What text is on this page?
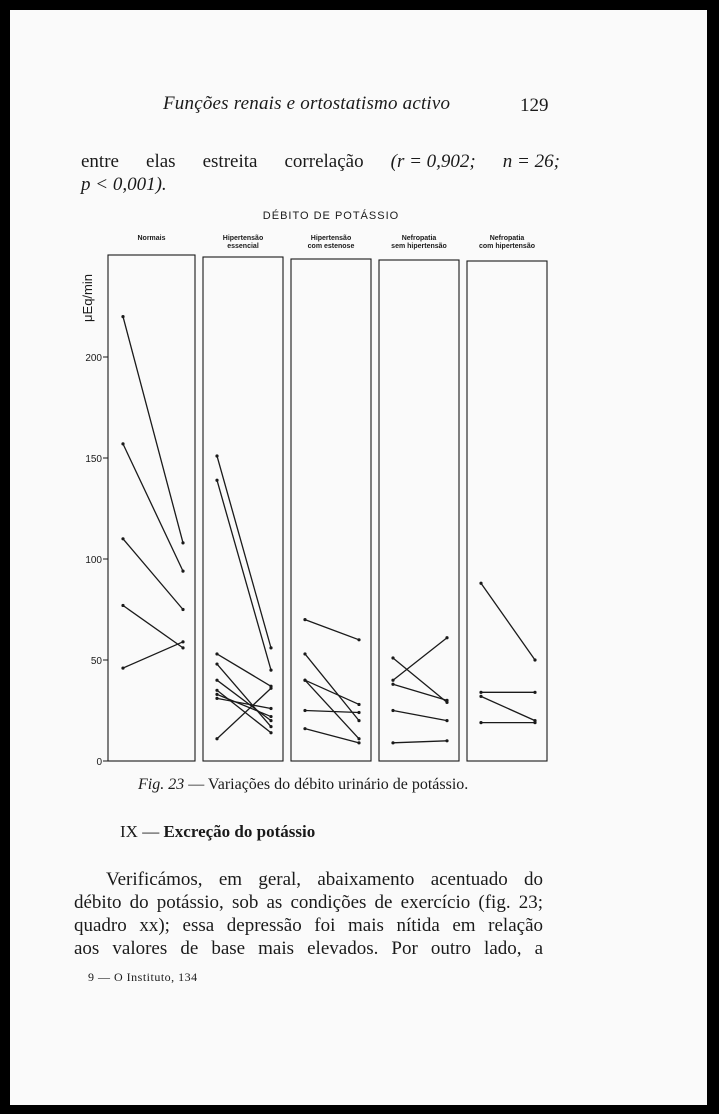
Funções renais e ortostatismo activo	129
entre elas estreita correlação (r = 0,902; n = 26;
p < 0,001).
DÉBITO DE POTÁSSIO
μEq/min
0
50
100
150
200
Normais	Hipertensão
essencial
Hipertensão
com estenose
Nefropatia
sem hipertensão
Nefropatia
com hipertensão
Fig. 23 — Variações do débito urinário de potássio.
IX — Excreção do potássio
Verificámos, em geral, abaixamento acentuado do
débito do potássio, sob as condições de exercício (fig. 23;
quadro xx); essa depressão foi mais nítida em relação
aos valores de base mais elevados. Por outro lado, a
9 — O Instituto, 134
